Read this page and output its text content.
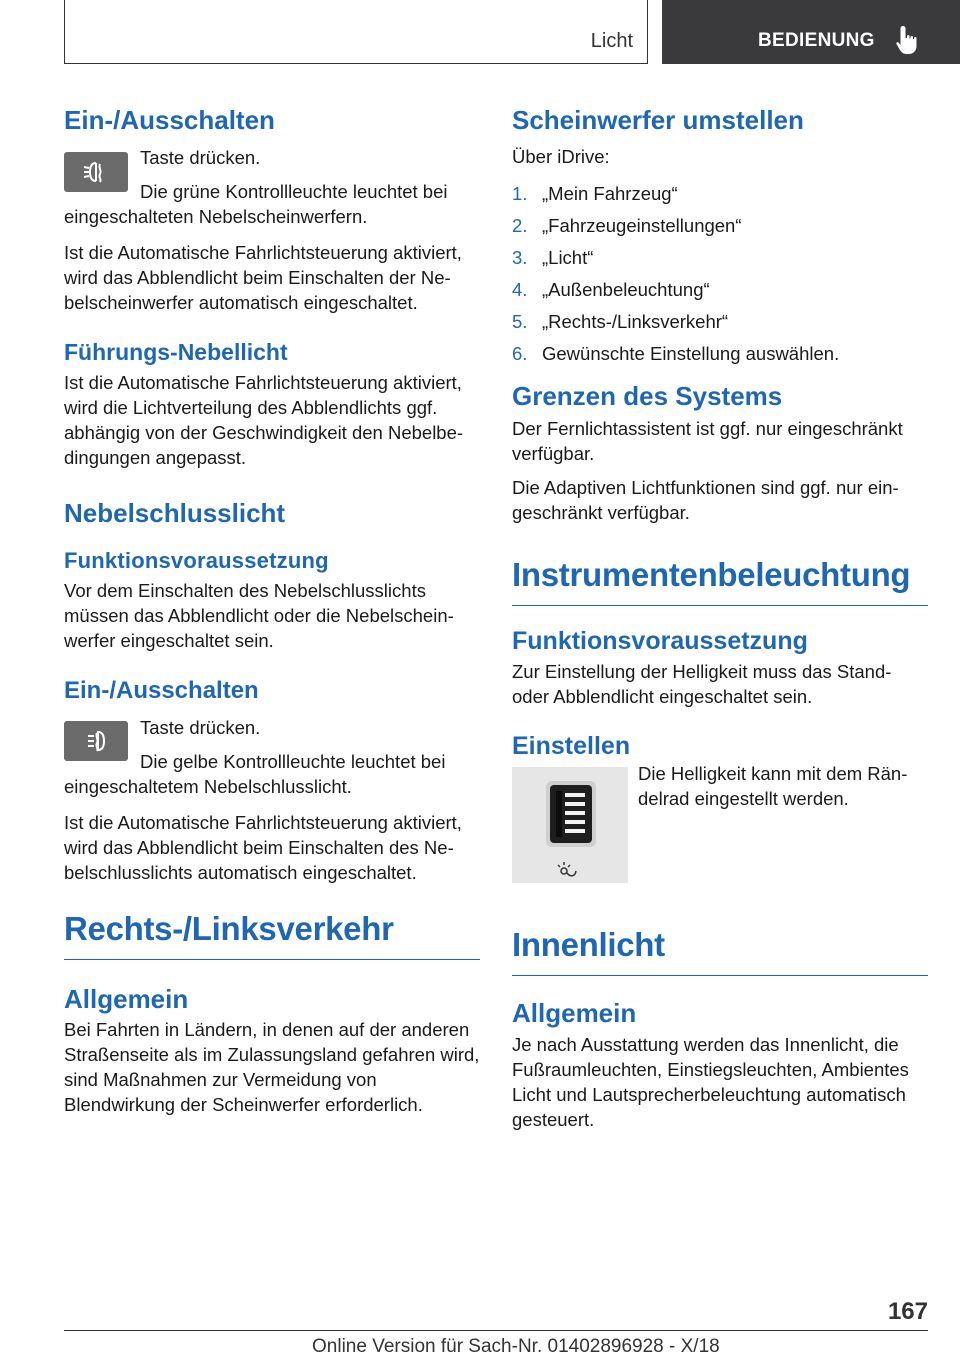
Licht	BEDIENUNG
Ein-/Ausschalten

Taste drücken.

Die grüne Kontrollleuchte leuchtet bei eingeschalteten Nebelscheinwerfern.

Ist die Automatische Fahrlichtsteuerung aktiviert, wird das Abblendlicht beim Einschalten der Ne‐belscheinwerfer automatisch eingeschaltet.

Führungs-Nebellicht

Ist die Automatische Fahrlichtsteuerung aktiviert, wird die Lichtverteilung des Abblendlichts ggf. abhängig von der Geschwindigkeit den Nebelbe‐dingungen angepasst.

Nebelschlusslicht
Funktionsvoraussetzung

Vor dem Einschalten des Nebelschlusslichts müssen das Abblendlicht oder die Nebelschein‐werfer eingeschaltet sein.

Ein-/Ausschalten

Taste drücken.

Die gelbe Kontrollleuchte leuchtet bei eingeschaltetem Nebelschlusslicht.

Ist die Automatische Fahrlichtsteuerung aktiviert, wird das Abblendlicht beim Einschalten des Ne‐belschlusslichts automatisch eingeschaltet.

Rechts-/Linksverkehr
Allgemein

Bei Fahrten in Ländern, in denen auf der anderen Straßenseite als im Zulassungsland gefahren wird, sind Maßnahmen zur Vermeidung von Blendwirkung der Scheinwerfer erforderlich.

Scheinwerfer umstellen

Über iDrive:

1. „Mein Fahrzeug“
2. „Fahrzeugeinstellungen“
3. „Licht“
4. „Außenbeleuchtung“
5. „Rechts-/Linksverkehr“
6. Gewünschte Einstellung auswählen.
Grenzen des Systems

Der Fernlichtassistent ist ggf. nur eingeschränkt verfügbar.

Die Adaptiven Lichtfunktionen sind ggf. nur ein‐geschränkt verfügbar.

Instrumentenbeleuchtung
Funktionsvoraussetzung

Zur Einstellung der Helligkeit muss das Stand- oder Abblendlicht eingeschaltet sein.

Einstellen

Die Helligkeit kann mit dem Rän‐delrad eingestellt werden.

Innenlicht
Allgemein

Je nach Ausstattung werden das Innenlicht, die Fußraumleuchten, Einstiegsleuchten, Ambientes Licht und Lautsprecherbeleuchtung automatisch gesteuert.

167
Online Version für Sach-Nr. 01402896928 - X/18
